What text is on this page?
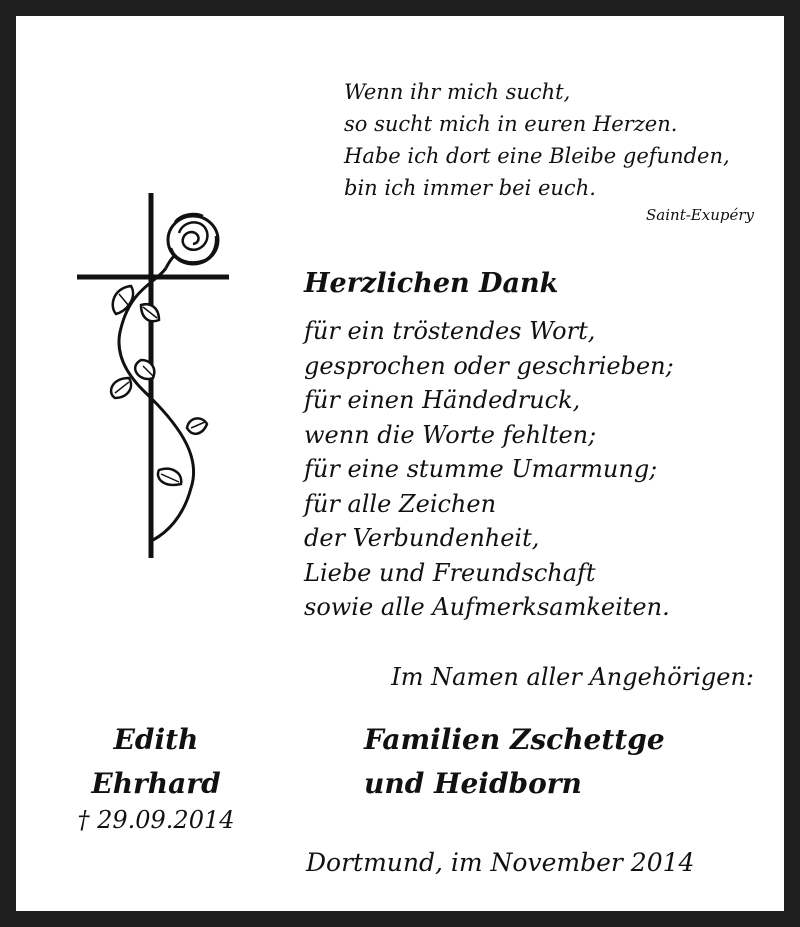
Wenn ihr mich sucht,
so sucht mich in euren Herzen.
Habe ich dort eine Bleibe gefunden,
bin ich immer bei euch.
Saint-Exupéry
Herzlichen Dank
für ein tröstendes Wort,
gesprochen oder geschrieben;
für einen Händedruck,
wenn die Worte fehlten;
für eine stumme Umarmung;
für alle Zeichen
der Verbundenheit,
Liebe und Freundschaft
sowie alle Aufmerksamkeiten.
Im Namen aller Angehörigen:
Edith
Ehrhard
† 29.09.2014
Familien Zschettge
und Heidborn
Dortmund, im November 2014
